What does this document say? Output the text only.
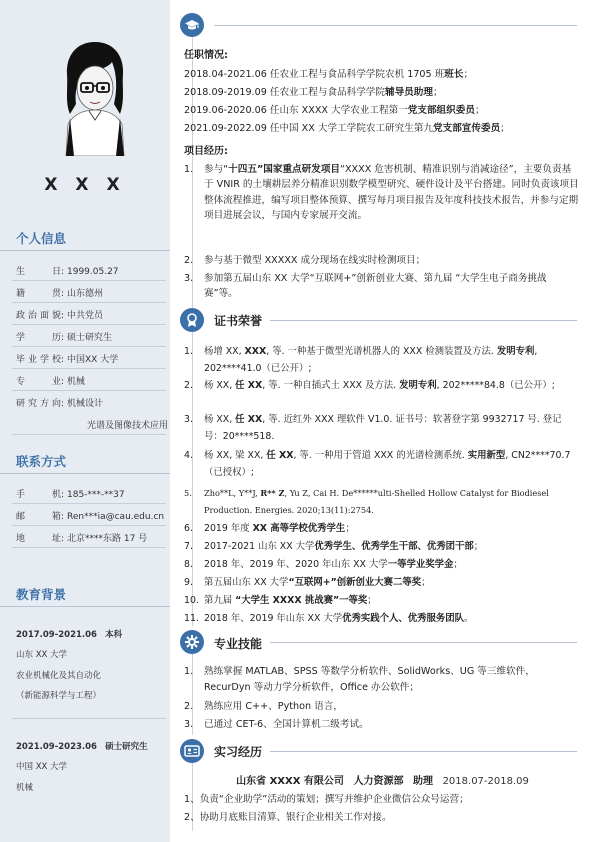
X X X
个人信息
生日: 1999.05.27
籍贯: 山东德州
政治面貌: 中共党员
学历: 硕士研究生
毕业学校: 中国XX 大学
专业: 机械
研究方向: 机械设计
光谱及图像技术应用
联系方式
手机: 185-***-**37
邮箱: Ren***ia@cau.edu.cn
地址: 北京****东路 17 号
教育背景
2017.09-2021.06 本科
山东 XX 大学
农业机械化及其自动化
（新能源科学与工程）
2021.09-2023.06 硕士研究生
中国 XX 大学
机械
任职情况:
2018.04-2021.06 任农业工程与食品科学学院农机 1705 班班长；
2018.09-2019.09 任农业工程与食品科学学院辅导员助理；
2019.06-2020.06 任山东 XXXX 大学农业工程第一党支部组织委员；
2021.09-2022.09 任中国 XX 大学工学院农工研究生第九党支部宣传委员；
项目经历:
1. 参与“十四五”国家重点研发项目“XXXX 危害机制、精准识别与消减途径”，主要负责基于 VNIR 的土壤耕层养分精准识别数学模型研究、硬件设计及平台搭建。同时负责该项目整体流程推进，编写项目整体预算、撰写每月项目报告及年度科技技术报告，并参与定期项目进展会议，与国内专家展开交流。
2. 参与基于微型 XXXXX 成分现场在线实时检测项目；
3. 参加第五届山东 XX 大学“互联网+”创新创业大赛、第九届 “大学生电子商务挑战赛”等。
证书荣誉
1. 杨增 XX, XXX, 等. 一种基于微型光谱机器人的 XXX 检测装置及方法. 发明专利, 202****41.0（已公开）;
2. 杨 XX, 任 XX, 等. 一种自插式土 XXX 及方法. 发明专利, 202*****84.8（已公开）;
3. 杨 XX, 任 XX, 等. 近红外 XXX 理软件 V1.0. 证书号：软著登字第 9932717 号. 登记号：20****518.
4. 杨 XX, 梁 XX, 任 XX, 等. 一种用于管道 XXX 的光谱检测系统. 实用新型, CN2****70.7（已授权）;
5. Zho**L, Y**J, R** Z, Yu Z, Cai H. De******ulti-Shelled Hollow Catalyst for Biodiesel Production. Energies. 2020;13(11):2754.
6. 2019 年度 XX 高等学校优秀学生；
7. 2017-2021 山东 XX 大学优秀学生、优秀学生干部、优秀团干部；
8. 2018 年、2019 年、2020 年山东 XX 大学一等学业奖学金；
9. 第五届山东 XX 大学“互联网+”创新创业大赛二等奖；
10. 第九届 “大学生 XXXX 挑战赛”一等奖；
11. 2018 年、2019 年山东 XX 大学优秀实践个人、优秀服务团队。
专业技能
1. 熟练掌握 MATLAB、SPSS 等数学分析软件、SolidWorks、UG 等三维软件，RecurDyn 等动力学分析软件，Office 办公软件；
2. 熟练应用 C++、Python 语言，
3. 已通过 CET-6、全国计算机二级考试。
实习经历
山东省 XXXX 有限公司 人力资源部 助理 2018.07-2018.09
1、负责“企业助学”活动的策划；撰写并维护企业微信公众号运营；
2、协助月底账目清算、银行企业相关工作对接。
